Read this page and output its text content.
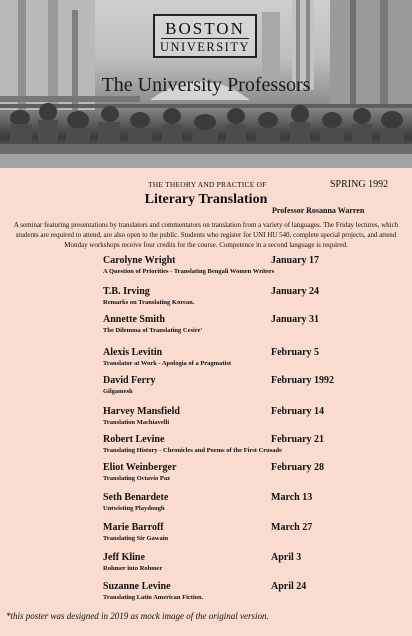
BOSTON
UNIVERSITY
The University Professors
THE THEORY AND PRACTICE OF	SPRING 1992
Literary Translation
Professor Rosanna Warren
A seminar featuring presentations by translators and commentators on translation from a variety of languages. The Friday lectures, which students are required to attend, are also open to the public. Students who register for UNI HU 540, complete special projects, and attend Monday workshops receive four credits for the course. Competence in a second language is required.
Carolyne Wright	January 17
A Question of Priorities - Translating Bengali Women Writers
T.B. Irving	January 24
Remarks on Translating Korean.
Annette Smith	January 31
The Dilemma of Translating Cesire'
Alexis Levitin	February 5
Translator at Work - Apologia of a Pragmatist
David Ferry	February 1992
Gilgamesh
Harvey Mansfield	February 14
Translation Machiavelli
Robert Levine	February 21
Translating History - Chronicles and Poems of the First Crusade
Eliot Weinberger	February 28
Translating Octavio Paz
Seth Benardete	March 13
Untwisting Playdough
Marie Barroff	March 27
Translating Sir Gawain
Jeff Kline	April 3
Rohmer into Rohmer
Suzanne Levine	April 24
Translating Latin American Fiction.
*this poster was designed in 2019 as mock image of the original version.
